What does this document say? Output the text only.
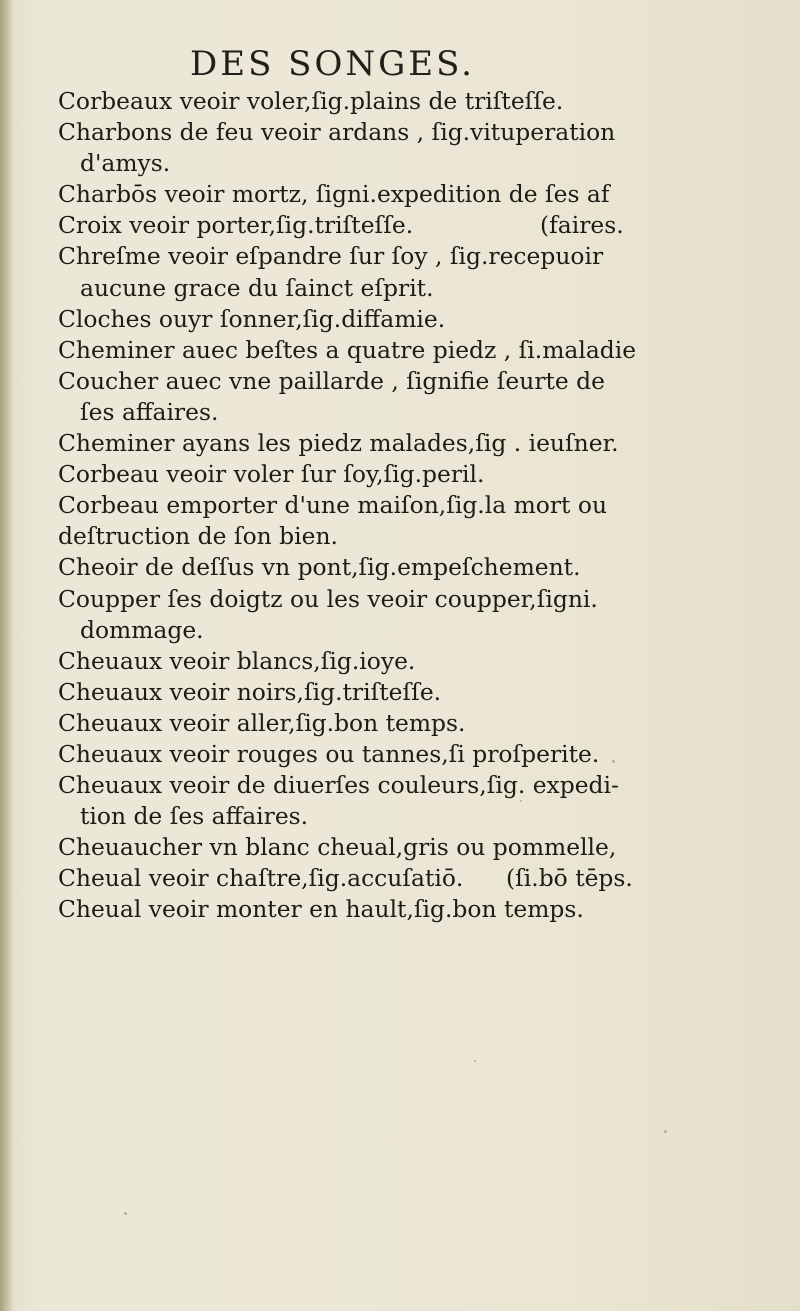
DES SONGES.
Corbeaux veoir voler,ſig.plains de triſteſſe.
Charbons de feu veoir ardans , ſig.vituperation
d'amys.
Charbōs veoir mortz, ſigni.expedition de ſes af
Croix veoir porter,ſig.triſteſſe.	(faires.
Chreſme veoir eſpandre ſur ſoy , ſig.recepuoir
aucune grace du ſainct eſprit.
Cloches ouyr ſonner,ſig.diffamie.
Cheminer auec beſtes a quatre piedz , ſi.maladie
Coucher auec vne paillarde , ſignifie ſeurte de
ſes affaires.
Cheminer ayans les piedz malades,ſig . ieuſner.
Corbeau veoir voler ſur ſoy,ſig.peril.
Corbeau emporter d'une maiſon,ſig.la mort ou
deſtruction de ſon bien.
Cheoir de deſſus vn pont,ſig.empeſchement.
Coupper ſes doigtz ou les veoir coupper,ſigni.
dommage.
Cheuaux veoir blancs,ſig.ioye.
Cheuaux veoir noirs,ſig.triſteſſe.
Cheuaux veoir aller,ſig.bon temps.
Cheuaux veoir rouges ou tannes,ſi proſperite.
Cheuaux veoir de diuerſes couleurs,ſig. expedi-
tion de ſes affaires.
Cheuaucher vn blanc cheual,gris ou pommelle,
Cheual veoir chaſtre,ſig.accuſatiō. (ſi.bō tēps.
Cheual veoir monter en hault,ſig.bon temps.
